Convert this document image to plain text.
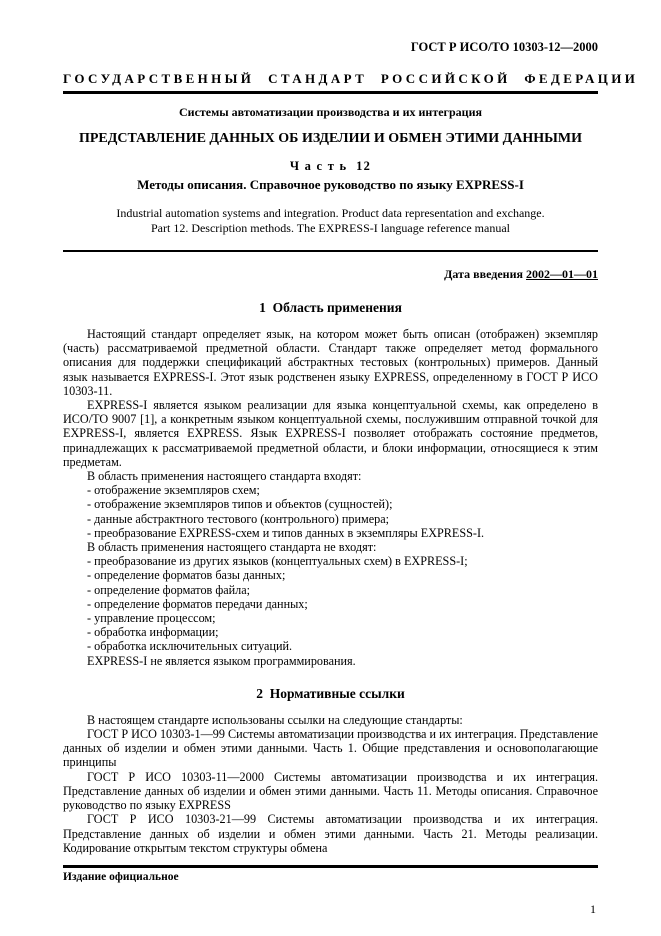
ГОСТ Р ИСО/ТО 10303-12—2000
ГОСУДАРСТВЕННЫЙ СТАНДАРТ РОССИЙСКОЙ ФЕДЕРАЦИИ
Системы автоматизации производства и их интеграция
ПРЕДСТАВЛЕНИЕ ДАННЫХ ОБ ИЗДЕЛИИ И ОБМЕН ЭТИМИ ДАННЫМИ
Ч а с т ь  12
Методы описания. Справочное руководство по языку EXPRESS-I
Industrial automation systems and integration. Product data representation and exchange.
Part 12. Description methods. The EXPRESS-I language reference manual
Дата введения 2002—01—01
1  Область применения

Настоящий стандарт определяет язык, на котором может быть описан (отображен) экземпляр (часть) рассматриваемой предметной области. Стандарт также определяет метод формального описания для поддержки спецификаций абстрактных тестовых (контрольных) примеров. Данный язык называется EXPRESS-I. Этот язык родственен языку EXPRESS, определенному в ГОСТ Р ИСО 10303-11.

EXPRESS-I является языком реализации для языка концептуальной схемы, как определено в ИСО/ТО 9007 [1], а конкретным языком концептуальной схемы, послужившим отправной точкой для EXPRESS-I, является EXPRESS. Язык EXPRESS-I позволяет отображать состояние предметов, принадлежащих к рассматриваемой предметной области, и блоки информации, относящиеся к этим предметам.

В область применения настоящего стандарта входят:

- отображение экземпляров схем;

- отображение экземпляров типов и объектов (сущностей);

- данные абстрактного тестового (контрольного) примера;

- преобразование EXPRESS-схем и типов данных в экземпляры EXPRESS-I.

В область применения настоящего стандарта не входят:

- преобразование из других языков (концептуальных схем) в EXPRESS-I;

- определение форматов базы данных;

- определение форматов файла;

- определение форматов передачи данных;

- управление процессом;

- обработка информации;

- обработка исключительных ситуаций.

EXPRESS-I не является языком программирования.

2  Нормативные ссылки

В настоящем стандарте использованы ссылки на следующие стандарты:

ГОСТ Р ИСО 10303-1—99 Системы автоматизации производства и их интеграция. Представление данных об изделии и обмен этими данными. Часть 1. Общие представления и основополагающие принципы

ГОСТ Р ИСО 10303-11—2000 Системы автоматизации производства и их интеграция. Представление данных об изделии и обмен этими данными. Часть 11. Методы описания. Справочное руководство по языку EXPRESS

ГОСТ Р ИСО 10303-21—99 Системы автоматизации производства и их интеграция. Представление данных об изделии и обмен этими данными. Часть 21. Методы реализации. Кодирование открытым текстом структуры обмена

Издание официальное
1
